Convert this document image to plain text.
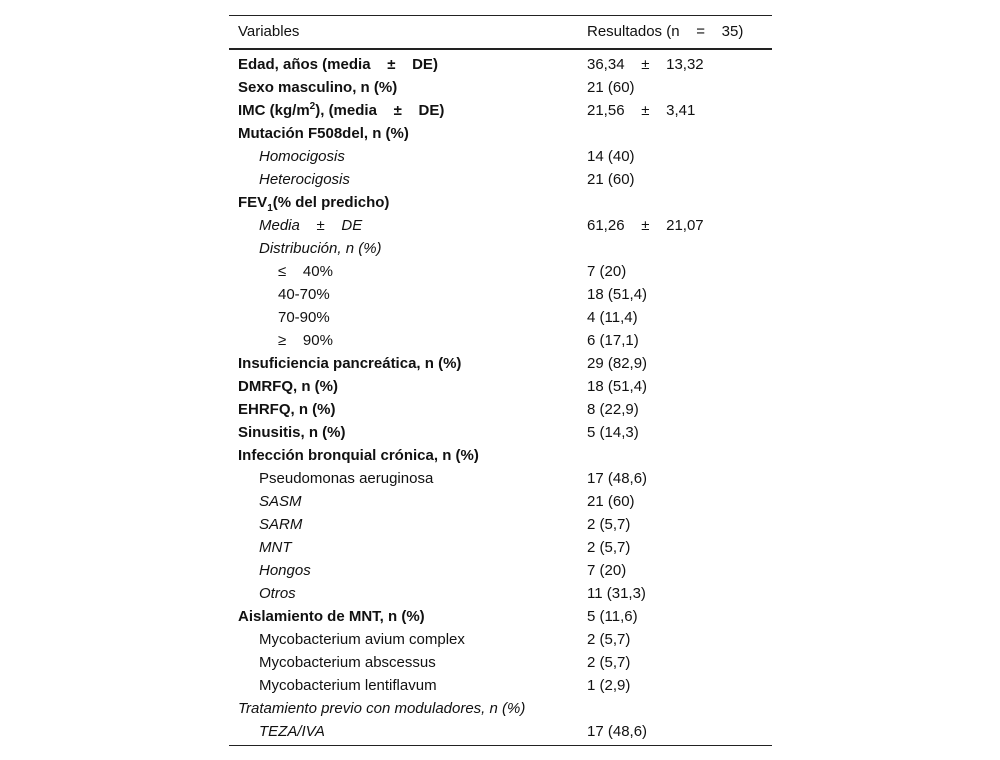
Variables	Resultados (n    =    35)
Edad, años (media    ±    DE)	36,34    ±    13,32
Sexo masculino, n (%)	21 (60)
IMC $(kg/m^2)$, (media    ±    DE)	21,56    ±    3,41
Mutación F508del, n (%)
Homocigosis	14 (40)
Heterocigosis	21 (60)
$FEV_1(\%$ del predicho)
Media    ±    DE	61,26    ±    21,07
Distribución, n (%)
≤    40%	7 (20)
40-70%	18 (51,4)
70-90%	4 (11,4)
≥    90%	6 (17,1)
Insuficiencia pancreática, n (%)	29 (82,9)
DMRFQ, n (%)	18 (51,4)
EHRFQ, n (%)	8 (22,9)
Sinusitis, n (%)	5 (14,3)
Infección bronquial crónica, n (%)
Pseudomonas aeruginosa	17 (48,6)
SASM	21 (60)
SARM	2 (5,7)
MNT	2 (5,7)
Hongos	7 (20)
Otros	11 (31,3)
Aislamiento de MNT, n (%)	5 (11,6)
Mycobacterium avium complex	2 (5,7)
Mycobacterium abscessus	2 (5,7)
Mycobacterium lentiflavum	1 (2,9)
Tratamiento previo con moduladores, n (%)
TEZA/IVA	17 (48,6)
